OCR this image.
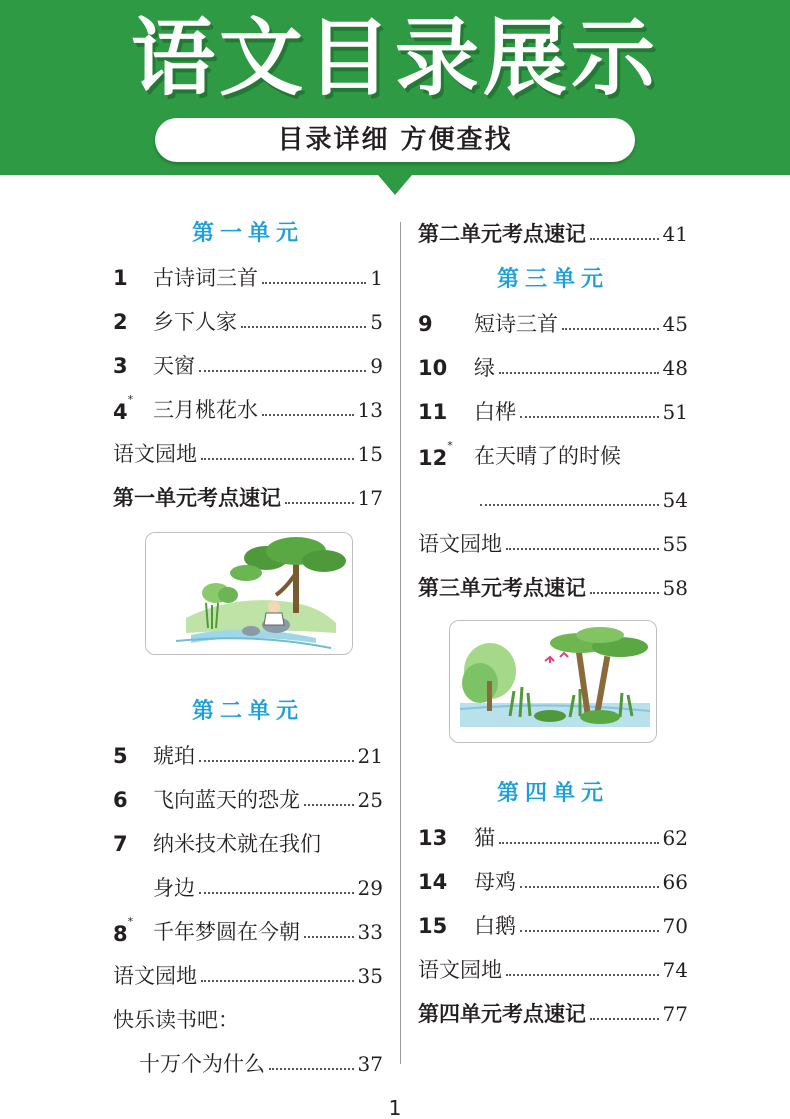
语文目录展示
目录详细 方便查找
第一单元
1	古诗词三首	1
2	乡下人家	5
3	天窗	9
4* 三月桃花水	13
语文园地	15
第一单元考点速记	17
第二单元
5	琥珀	21
6	飞向蓝天的恐龙	25
7	纳米技术就在我们
身边	29
8* 千年梦圆在今朝	33
语文园地	35
快乐读书吧：
十万个为什么	37
第二单元考点速记	41
第三单元
9	短诗三首	45
10	绿	48
11	白桦	51
12*	在天晴了的时候
54
语文园地	55
第三单元考点速记	58
第四单元
13	猫	62
14	母鸡	66
15	白鹅	70
语文园地	74
第四单元考点速记	77
1
